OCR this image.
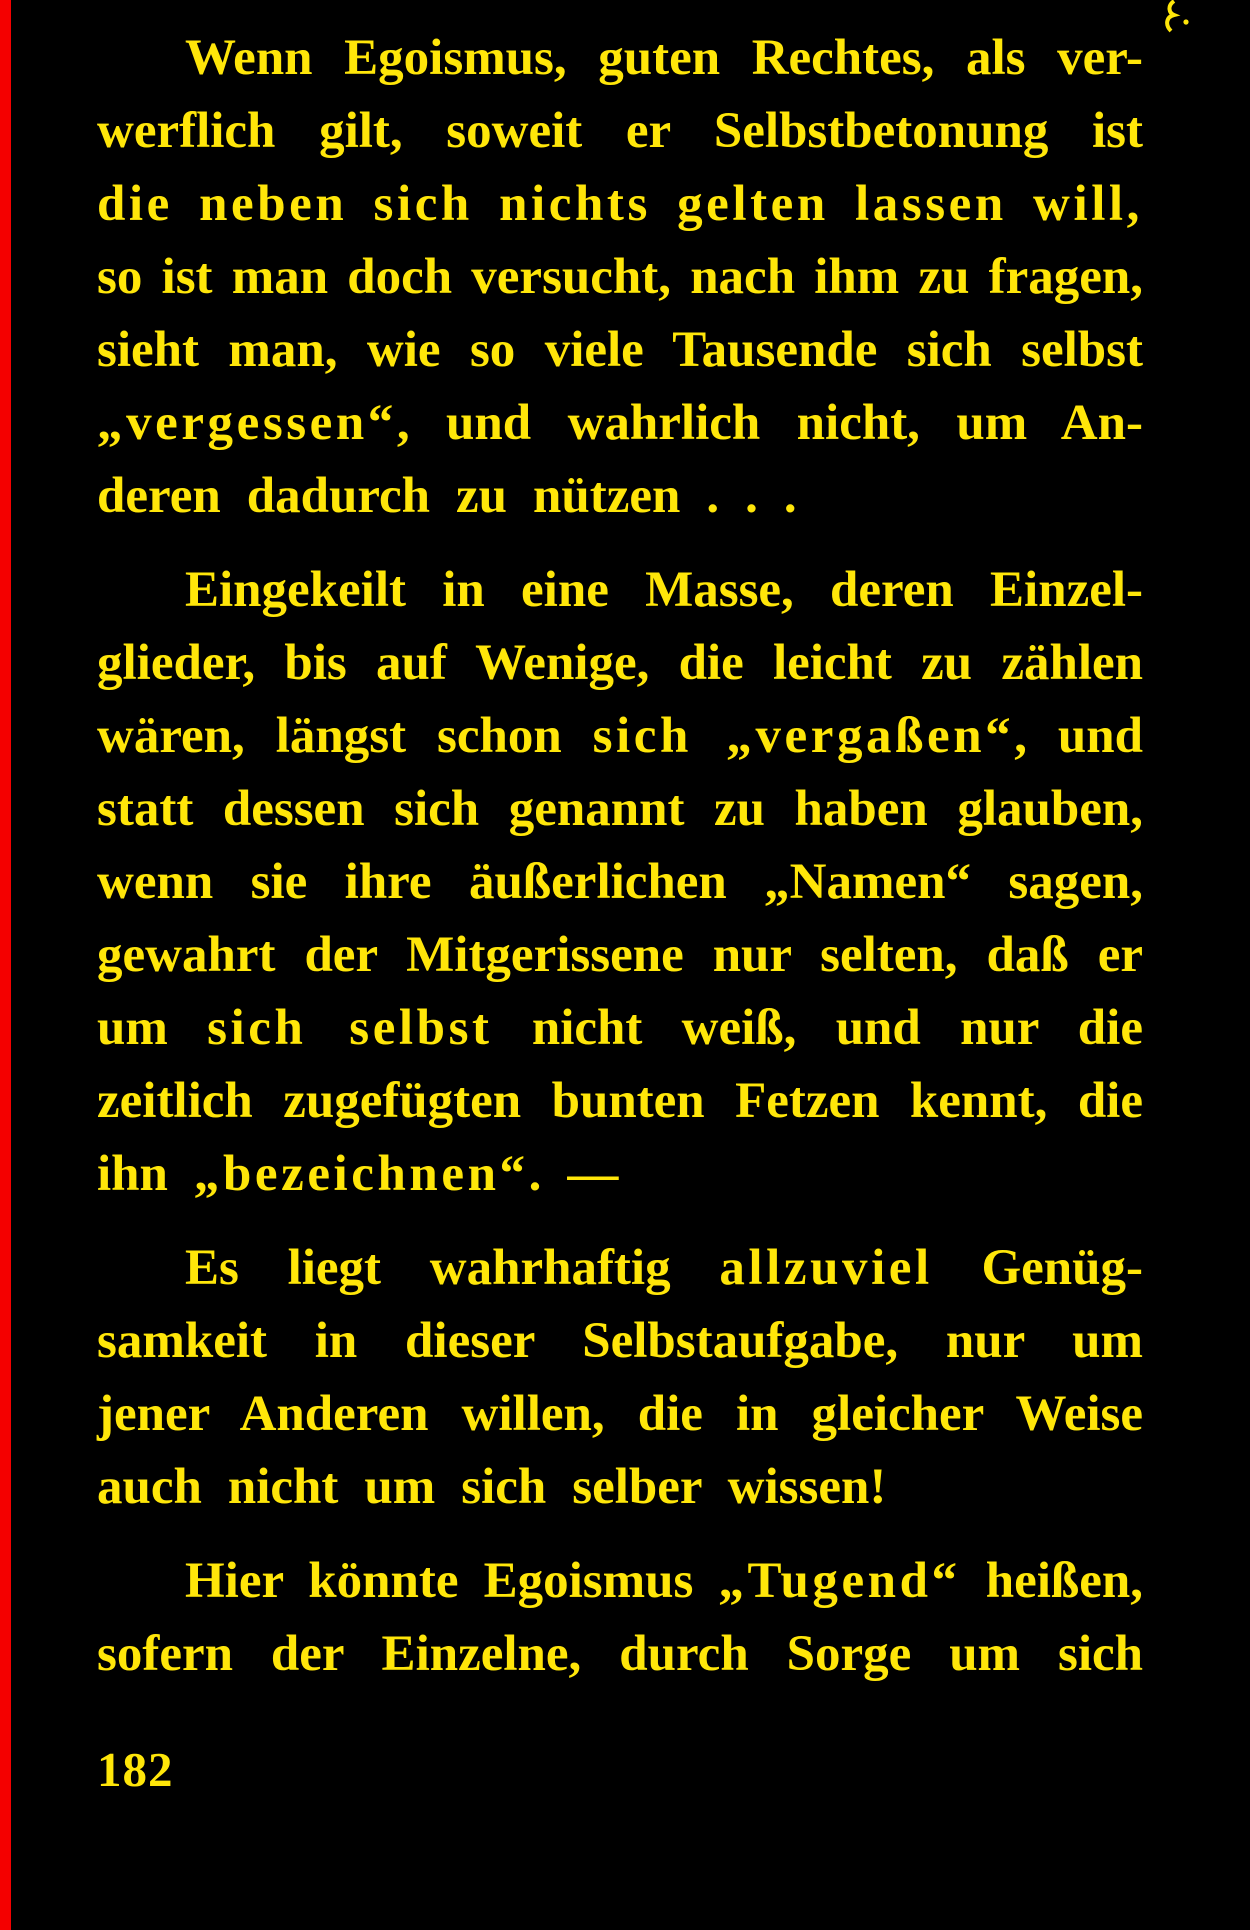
Wenn Egoismus, guten Rechtes, als ver-
werflich gilt, soweit er Selbstbetonung ist
die neben sich nichts gelten lassen will,
so ist man doch versucht, nach ihm zu fragen,
sieht man, wie so viele Tausende sich selbst
„vergessen“, und wahrlich nicht, um An-
deren dadurch zu nützen . . .
Eingekeilt in eine Masse, deren Einzel-
glieder, bis auf Wenige, die leicht zu zählen
wären, längst schon sich „vergaßen“, und
statt dessen sich genannt zu haben glauben,
wenn sie ihre äußerlichen „Namen“ sagen,
gewahrt der Mitgerissene nur selten, daß er
um sich selbst nicht weiß, und nur die
zeitlich zugefügten bunten Fetzen kennt, die
ihn „bezeichnen“. —
Es liegt wahrhaftig allzuviel Genüg-
samkeit in dieser Selbstaufgabe, nur um
jener Anderen willen, die in gleicher Weise
auch nicht um sich selber wissen!
Hier könnte Egoismus „Tugend“ heißen,
sofern der Einzelne, durch Sorge um sich
182
